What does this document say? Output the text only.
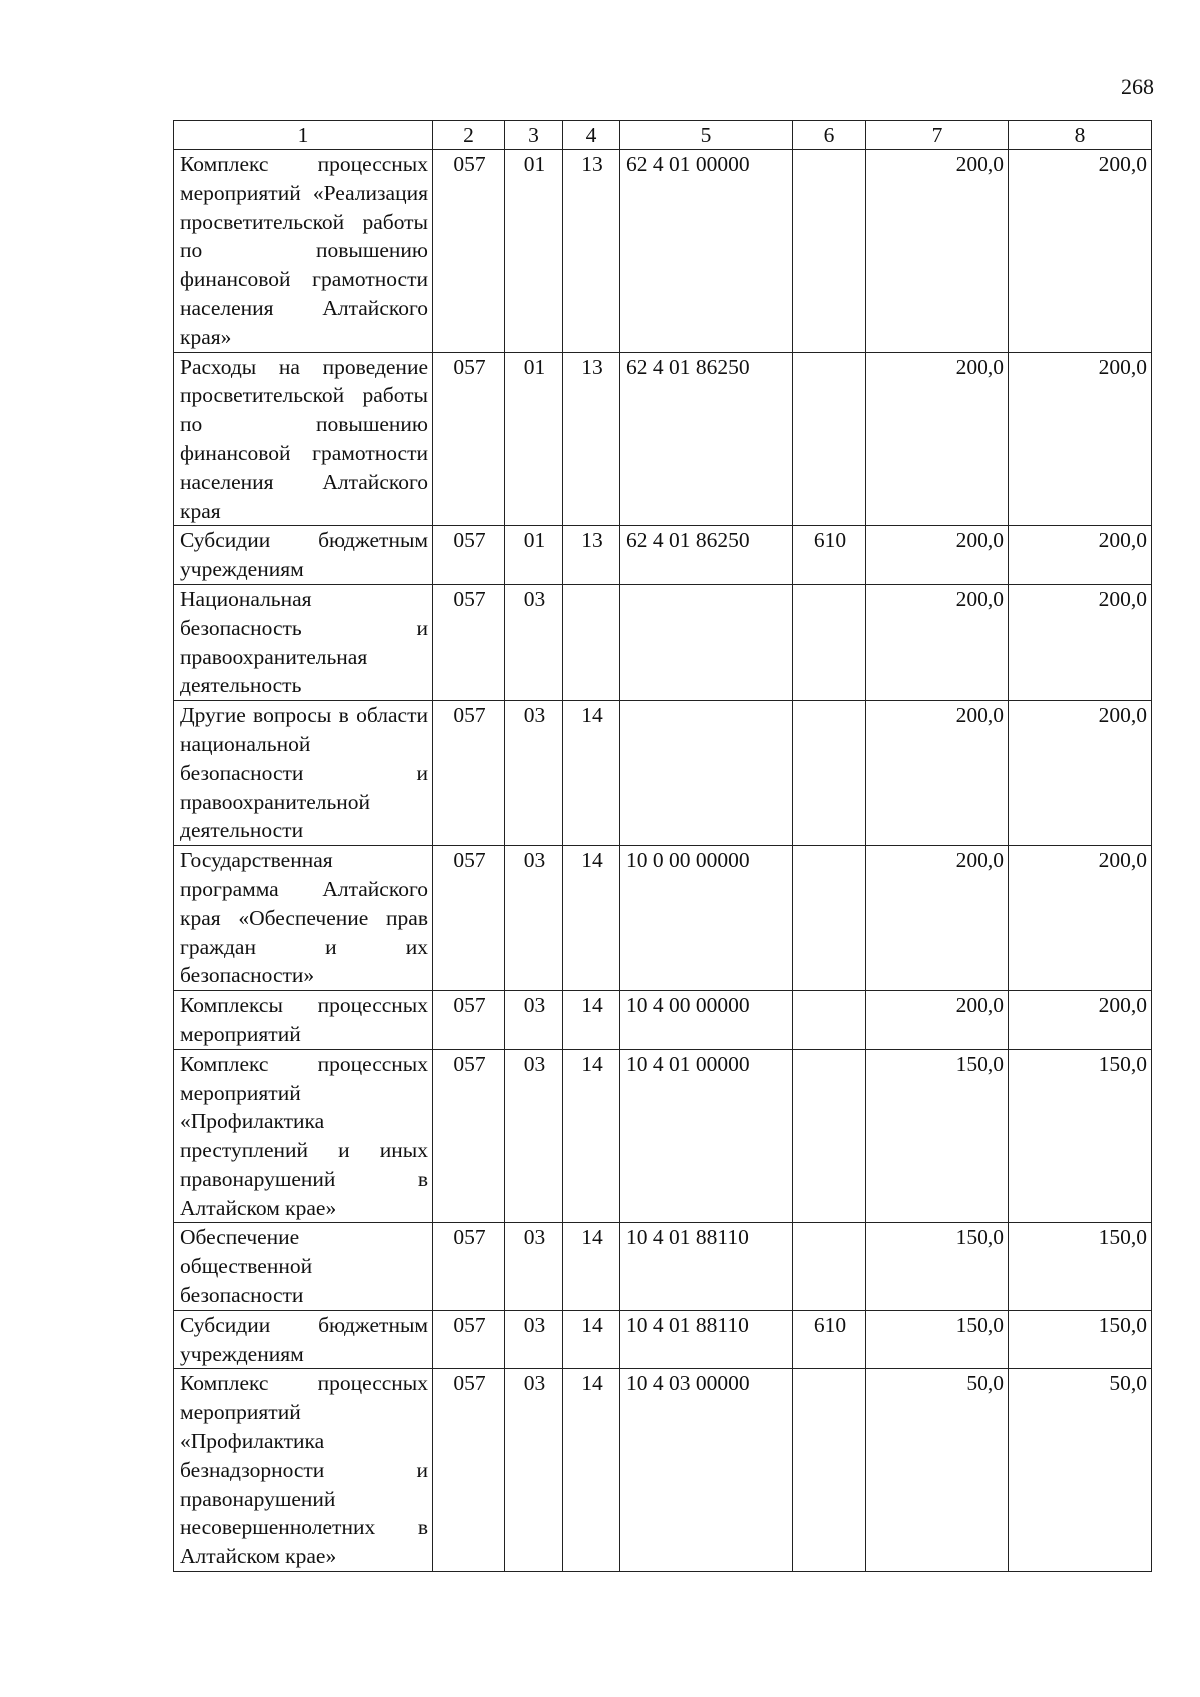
268
1	2	3	4	5	6	7	8
Комплекс процессных мероприятий «Реализация просветительской работы по повышению финансовой грамотности населения Алтайского края»	057	01	13	62 4 01 00000		200,0	200,0
Расходы на проведение просветительской работы по повышению финансовой грамотности населения Алтайского края	057	01	13	62 4 01 86250		200,0	200,0
Субсидии бюджетным учреждениям	057	01	13	62 4 01 86250	610	200,0	200,0
Национальная безопасность и правоохранительная деятельность	057	03				200,0	200,0
Другие вопросы в области национальной безопасности и правоохранительной деятельности	057	03	14			200,0	200,0
Государственная программа Алтайского края «Обеспечение прав граждан и их безопасности»	057	03	14	10 0 00 00000		200,0	200,0
Комплексы процессных мероприятий	057	03	14	10 4 00 00000		200,0	200,0
Комплекс процессных мероприятий «Профилактика преступлений и иных правонарушений в Алтайском крае»	057	03	14	10 4 01 00000		150,0	150,0
Обеспечение общественной безопасности	057	03	14	10 4 01 88110		150,0	150,0
Субсидии бюджетным учреждениям	057	03	14	10 4 01 88110	610	150,0	150,0
Комплекс процессных мероприятий «Профилактика безнадзорности и правонарушений несовершеннолетних в Алтайском крае»	057	03	14	10 4 03 00000		50,0	50,0
